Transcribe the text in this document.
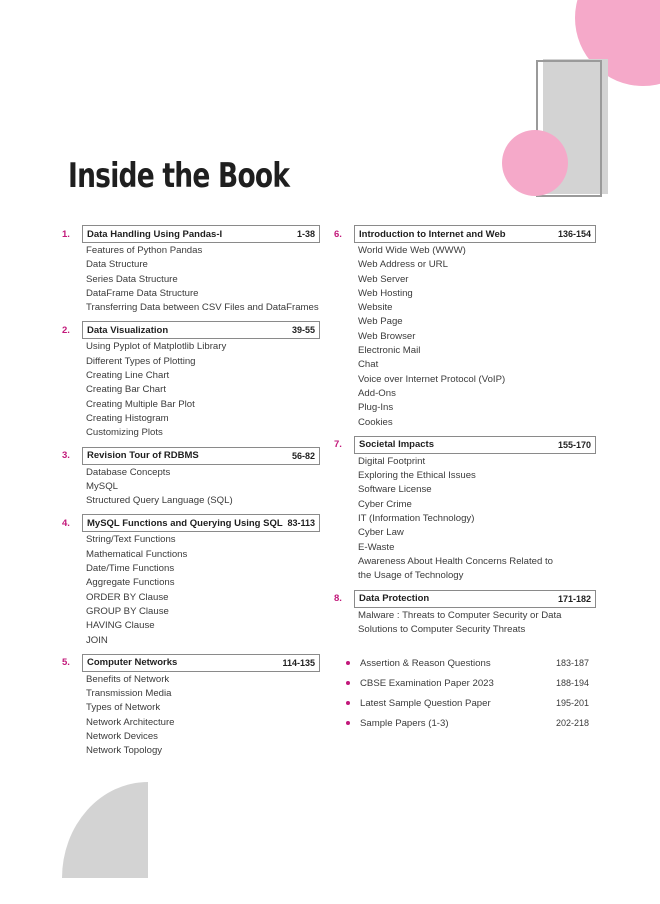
Inside the Book
1.	Data Handling Using Pandas-I	1-38
Features of Python Pandas
Data Structure
Series Data Structure
DataFrame Data Structure
Transferring Data between CSV Files and DataFrames
2.	Data Visualization	39-55
Using Pyplot of Matplotlib Library
Different Types of Plotting
Creating Line Chart
Creating Bar Chart
Creating Multiple Bar Plot
Creating Histogram
Customizing Plots
3.	Revision Tour of RDBMS	56-82
Database Concepts
MySQL
Structured Query Language (SQL)
4.	MySQL Functions and Querying Using SQL 83-113
String/Text Functions
Mathematical Functions
Date/Time Functions
Aggregate Functions
ORDER BY Clause
GROUP BY Clause
HAVING Clause
JOIN
5.	Computer Networks	114-135
Benefits of Network
Transmission Media
Types of Network
Network Architecture
Network Devices
Network Topology
6.	Introduction to Internet and Web	136-154
World Wide Web (WWW)
Web Address or URL
Web Server
Web Hosting
Website
Web Page
Web Browser
Electronic Mail
Chat
Voice over Internet Protocol (VoIP)
Add-Ons
Plug-Ins
Cookies
7.	Societal Impacts	155-170
Digital Footprint
Exploring the Ethical Issues
Software License
Cyber Crime
IT (Information Technology)
Cyber Law
E-Waste
Awareness About Health Concerns Related to
the Usage of Technology
8.	Data Protection	171-182
Malware : Threats to Computer Security or Data
Solutions to Computer Security Threats
Assertion & Reason Questions	183-187
CBSE Examination Paper 2023	188-194
Latest Sample Question Paper	195-201
Sample Papers (1-3)	202-218
